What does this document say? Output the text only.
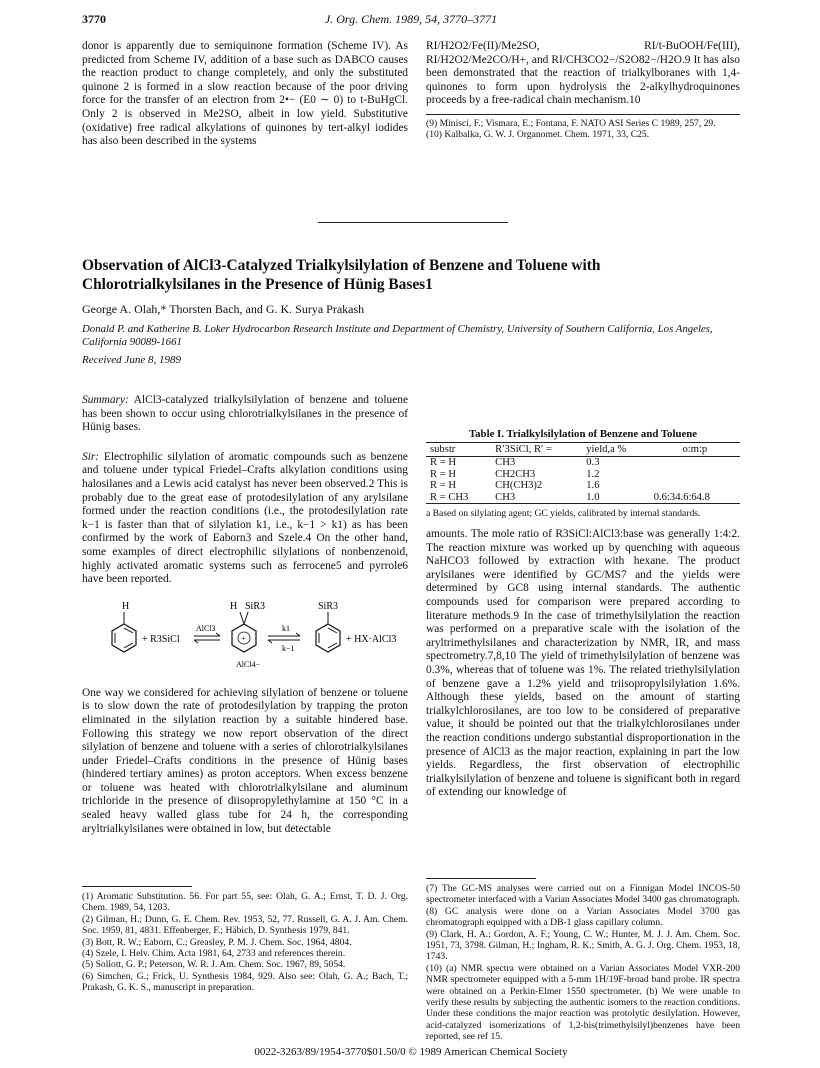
3770	J. Org. Chem. 1989, 54, 3770–3771

donor is apparently due to semiquinone formation (Scheme IV). As predicted from Scheme IV, addition of a base such as DABCO causes the reaction product to change completely, and only the substituted quinone 2 is formed in a slow reaction because of the poor driving force for the transfer of an electron from 2•− (E0 ∼ 0) to t-BuHgCl. Only 2 is observed in Me2SO, albeit in low yield. Substitutive (oxidative) free radical alkylations of quinones by tert-alkyl iodides has also been described in the systems

RI/H2O2/Fe(II)/Me2SO, RI/t-BuOOH/Fe(III), RI/H2O2/Me2CO/H+, and RI/CH3CO2−/S2O82−/H2O.9 It has also been demonstrated that the reaction of trialkylboranes with 1,4-quinones to form upon hydrolysis the 2-alkylhydroquinones proceeds by a free-radical chain mechanism.10

(9) Minisci, F.; Vismara, E.; Fontana, F. NATO ASI Series C 1989, 257, 29.

(10) Kalbalka, G. W. J. Organomet. Chem. 1971, 33, C25.

Observation of AlCl3-Catalyzed Trialkylsilylation of Benzene and Toluene with Chlorotrialkylsilanes in the Presence of Hünig Bases1
George A. Olah,* Thorsten Bach, and G. K. Surya Prakash
Donald P. and Katherine B. Loker Hydrocarbon Research Institute and Department of Chemistry, University of Southern California, Los Angeles, California 90089-1661
Received June 8, 1989

Summary: AlCl3-catalyzed trialkylsilylation of benzene and toluene has been shown to occur using chlorotrialkylsilanes in the presence of Hünig bases.

Sir: Electrophilic silylation of aromatic compounds such as benzene and toluene under typical Friedel–Crafts alkylation conditions using halosilanes and a Lewis acid catalyst has never been observed.2 This is probably due to the great ease of protodesilylation of any arylsilane formed under the reaction conditions (i.e., the protodesilylation rate k−1 is faster than that of silylation k1, i.e., k−1 > k1) as has been confirmed by the work of Eaborn3 and Szele.4 On the other hand, some examples of direct electrophilic silylations of nonbenzenoid, highly activated aromatic systems such as ferrocene5 and pyrrole6 have been reported.

H
+ R3SiCl
AlCl3
H SiR3
+
AlCl4−
k1
k−1
SiR3
+ HX·AlCl3

One way we considered for achieving silylation of benzene or toluene is to slow down the rate of protodesilylation by trapping the proton eliminated in the silylation reaction by a suitable hindered base. Following this strategy we now report observation of the direct silylation of benzene and toluene with a series of chlorotrialkylsilanes under Friedel–Crafts conditions in the presence of Hünig bases (hindered tertiary amines) as proton acceptors. When excess benzene or toluene was heated with chlorotrialkylsilane and aluminum trichloride in the presence of diisopropylethylamine at 150 °C in a sealed heavy walled glass tube for 24 h, the corresponding aryltrialkylsilanes were obtained in low, but detectable

Table I. Trialkylsilylation of Benzene and Toluene
substr	R′3SiCl, R′ =	yield,a %	o:m:p
R = H	CH3	0.3	
R = H	CH2CH3	1.2	
R = H	CH(CH3)2	1.6	
R = CH3	CH3	1.0	0.6:34.6:64.8
a Based on silylating agent; GC yields, calibrated by internal standards.

amounts. The mole ratio of R3SiCl:AlCl3:base was generally 1:4:2. The reaction mixture was worked up by quenching with aqueous NaHCO3 followed by extraction with hexane. The product arylsilanes were identified by GC/MS7 and the yields were determined by GC8 using internal standards. The authentic compounds used for comparison were prepared according to literature methods.9 In the case of trimethylsilylation the reaction was performed on a preparative scale with the isolation of the aryltrimethylsilanes and characterization by NMR, IR, and mass spectrometry.7,8,10 The yield of trimethylsilylation of benzene was 0.3%, whereas that of toluene was 1%. The related triethylsilylation of benzene gave a 1.2% yield and triisopropylsilylation 1.6%. Although these yields, based on the amount of starting trialkylchlorosilanes, are too low to be considered of preparative value, it should be pointed out that the trialkylchlorosilanes under the reaction conditions undergo substantial disproportionation in the presence of AlCl3 as the major reaction, explaining in part the low yields. Regardless, the first observation of electrophilic trialkylsilylation of benzene and toluene is significant both in regard of extending our knowledge of

(1) Aromatic Substitution. 56. For part 55, see: Olah, G. A.; Ernst, T. D. J. Org. Chem. 1989, 54, 1203.

(2) Gilman, H.; Dunn, G. E. Chem. Rev. 1953, 52, 77. Russell, G. A. J. Am. Chem. Soc. 1959, 81, 4831. Effenberger, F.; Häbich, D. Synthesis 1979, 841.

(3) Bott, R. W.; Eaborn, C.; Greasley, P. M. J. Chem. Soc. 1964, 4804.

(4) Szele, I. Helv. Chim. Acta 1981, 64, 2733 and references therein.

(5) Sollott, G. P.; Peterson, W. R. J. Am. Chem. Soc. 1967, 89, 5054.

(6) Simchen, G.; Frick, U. Synthesis 1984, 929. Also see: Olah, G. A.; Bach, T.; Prakash, G. K. S., manuscript in preparation.

(7) The GC-MS analyses were carried out on a Finnigan Model INCOS-50 spectrometer interfaced with a Varian Associates Model 3400 gas chromatograph.

(8) GC analysis were done on a Varian Associates Model 3700 gas chromatograph equipped with a DB-1 glass capillary column.

(9) Clark, H. A.; Gordon, A. F.; Young, C. W.; Hunter, M. J. J. Am. Chem. Soc. 1951, 73, 3798. Gilman, H.; Ingham, R. K.; Smith, A. G. J. Org. Chem. 1953, 18, 1743.

(10) (a) NMR spectra were obtained on a Varian Associates Model VXR-200 NMR spectrometer equipped with a 5-mm 1H/19F-broad band probe. IR spectra were obtained on a Perkin-Elmer 1550 spectrometer. (b) We were unable to verify these results by subjecting the authentic isomers to the reaction conditions. Under these conditions the major reaction was protolytic desilylation. However, acid-catalyzed isomerizations of 1,2-bis(trimethylsilyl)benzenes have been reported, see ref 15.

0022-3263/89/1954-3770$01.50/0 © 1989 American Chemical Society
